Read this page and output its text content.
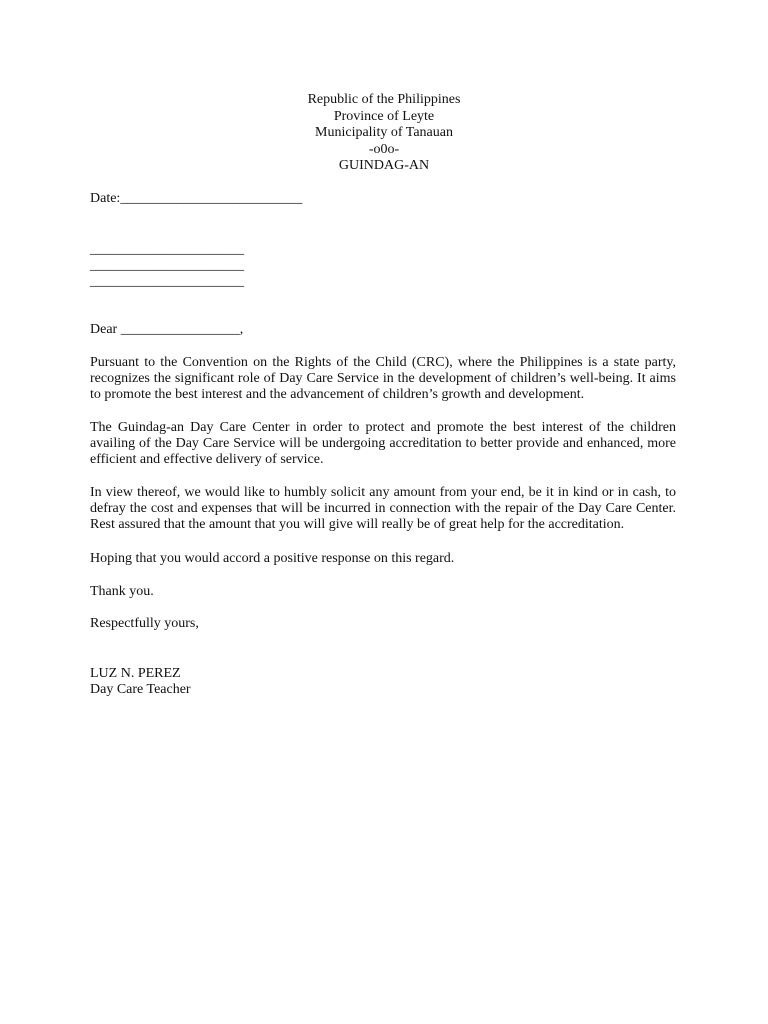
Republic of the Philippines
Province of Leyte
Municipality of Tanauan
-o0o-
GUINDAG-AN
Date:__________________________
______________________
______________________
______________________
Dear _________________,
Pursuant to the Convention on the Rights of the Child (CRC), where the Philippines is a state party, recognizes the significant role of Day Care Service in the development of children’s well-being. It aims to promote the best interest and the advancement of children’s growth and development.
The Guindag-an Day Care Center in order to protect and promote the best interest of the children availing of the Day Care Service will be undergoing accreditation to better provide and enhanced, more efficient and effective delivery of service.
In view thereof, we would like to humbly solicit any amount from your end, be it in kind or in cash, to defray the cost and expenses that will be incurred in connection with the repair of the Day Care Center. Rest assured that the amount that you will give will really be of great help for the accreditation.
Hoping that you would accord a positive response on this regard.
Thank you.
Respectfully yours,
LUZ N. PEREZ
Day Care Teacher
